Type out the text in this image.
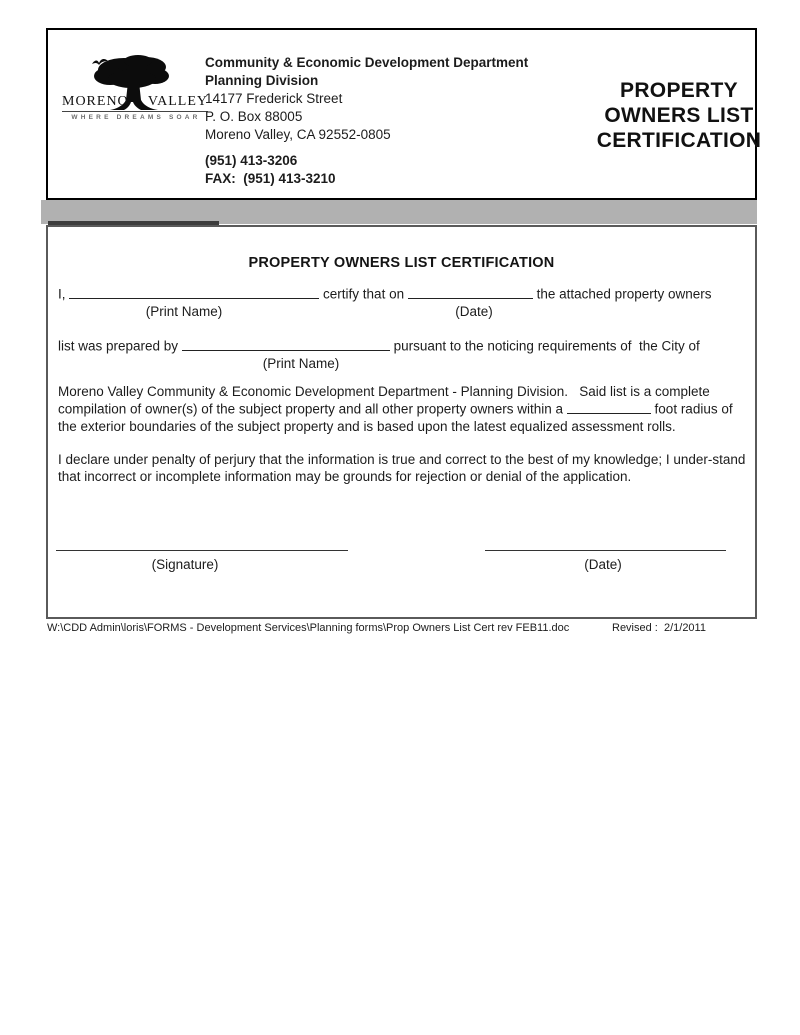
MORENO VALLEY
WHERE DREAMS SOAR
Community & Economic Development Department
Planning Division
14177 Frederick Street
P. O. Box 88005
Moreno Valley, CA 92552-0805
(951) 413-3206
FAX:  (951) 413-3210
PROPERTY
OWNERS LIST
CERTIFICATION
PROPERTY OWNERS LIST CERTIFICATION
I,	certify that on	the attached property owners
(Print Name)	(Date)
list was prepared by	pursuant to the noticing requirements of  the City of
(Print Name)

Moreno Valley Community & Economic Development Department - Planning Division.   Said list is a complete compilation of owner(s) of the subject property and all other property owners within a	foot radius of the exterior boundaries of the subject property and is based upon the latest equalized assessment rolls.

I declare under penalty of perjury that the information is true and correct to the best of my knowledge; I under-stand that incorrect or incomplete information may be grounds for rejection or denial of the application.

(Signature)	(Date)
W:\CDD Admin\loris\FORMS - Development Services\Planning forms\Prop Owners List Cert rev FEB11.doc	Revised :  2/1/2011
